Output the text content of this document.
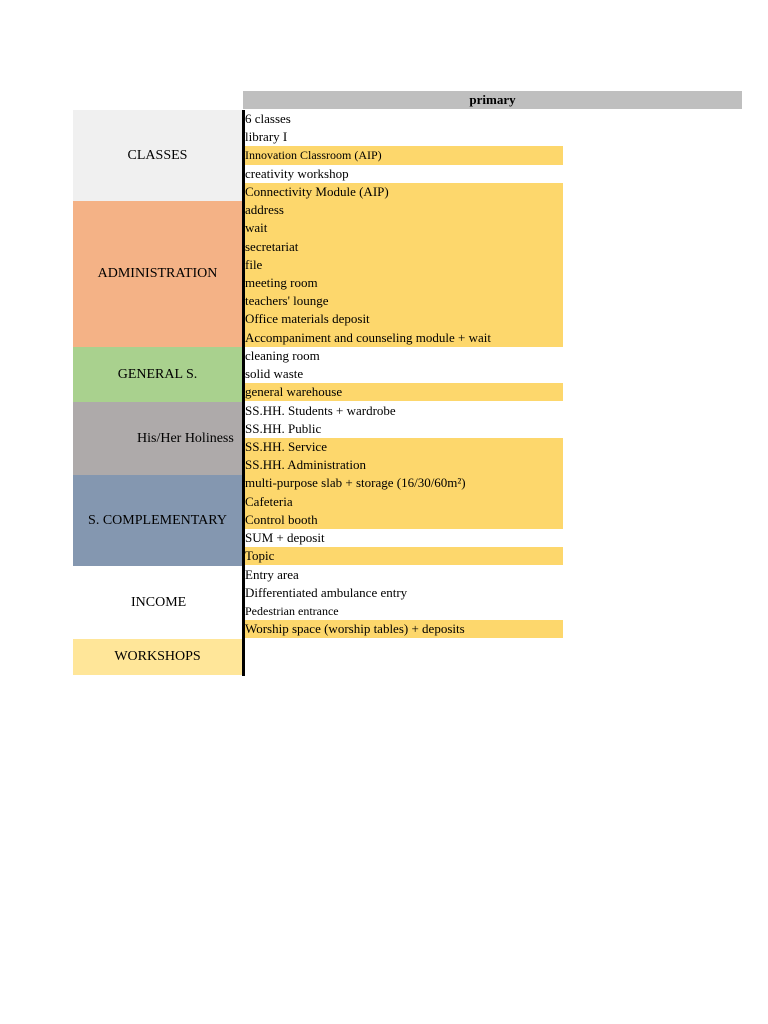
primary
CLASSES
ADMINISTRATION
GENERAL S.
His/Her Holiness
S. COMPLEMENTARY
INCOME
WORKSHOPS
6 classes
library I
Innovation Classroom (AIP)
creativity workshop
Connectivity Module (AIP)
address
wait
secretariat
file
meeting room
teachers' lounge
Office materials deposit
Accompaniment and counseling module + wait
cleaning room
solid waste
general warehouse
SS.HH. Students + wardrobe
SS.HH. Public
SS.HH. Service
SS.HH. Administration
multi-purpose slab + storage (16/30/60m²)
Cafeteria
Control booth
SUM + deposit
Topic
Entry area
Differentiated ambulance entry
Pedestrian entrance
Worship space (worship tables) + deposits
